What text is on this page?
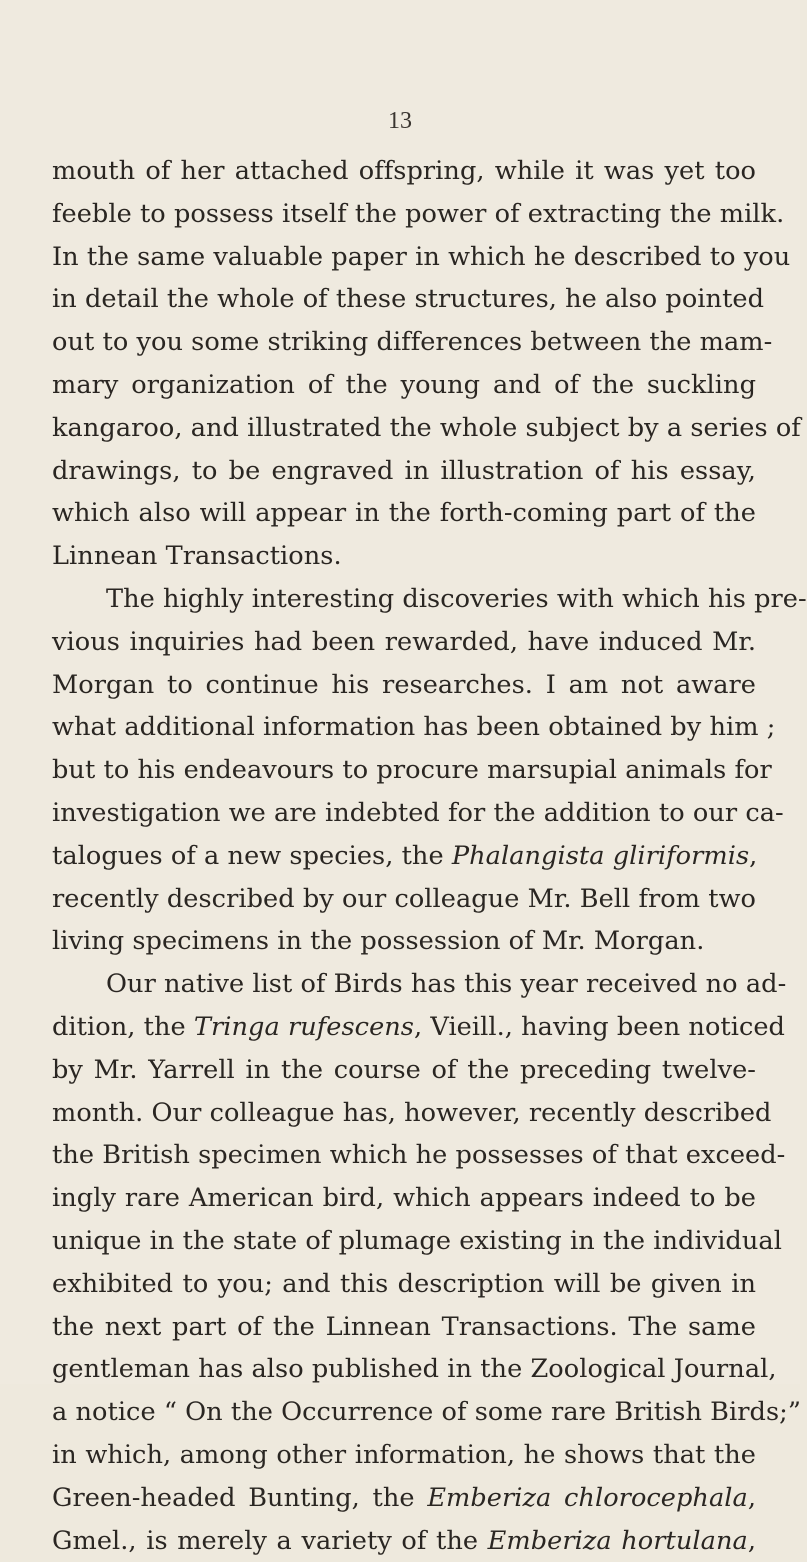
13
mouth of her attached offspring, while it was yet too
feeble to possess itself the power of extracting the milk.
In the same valuable paper in which he described to you
in detail the whole of these structures, he also pointed
out to you some striking differences between the mam-
mary organization of the young and of the suckling
kangaroo, and illustrated the whole subject by a series of
drawings, to be engraved in illustration of his essay,
which also will appear in the forth-coming part of the
Linnean Transactions.
The highly interesting discoveries with which his pre-
vious inquiries had been rewarded, have induced Mr.
Morgan to continue his researches. I am not aware
what additional information has been obtained by him ;
but to his endeavours to procure marsupial animals for
investigation we are indebted for the addition to our ca-
talogues of a new species, the Phalangista gliriformis,
recently described by our colleague Mr. Bell from two
living specimens in the possession of Mr. Morgan.
Our native list of Birds has this year received no ad-
dition, the Tringa rufescens, Vieill., having been noticed
by Mr. Yarrell in the course of the preceding twelve-
month. Our colleague has, however, recently described
the British specimen which he possesses of that exceed-
ingly rare American bird, which appears indeed to be
unique in the state of plumage existing in the individual
exhibited to you; and this description will be given in
the next part of the Linnean Transactions. The same
gentleman has also published in the Zoological Journal,
a notice “ On the Occurrence of some rare British Birds;”
in which, among other information, he shows that the
Green-headed Bunting, the Emberiza chlorocephala,
Gmel., is merely a variety of the Emberiza hortulana,
